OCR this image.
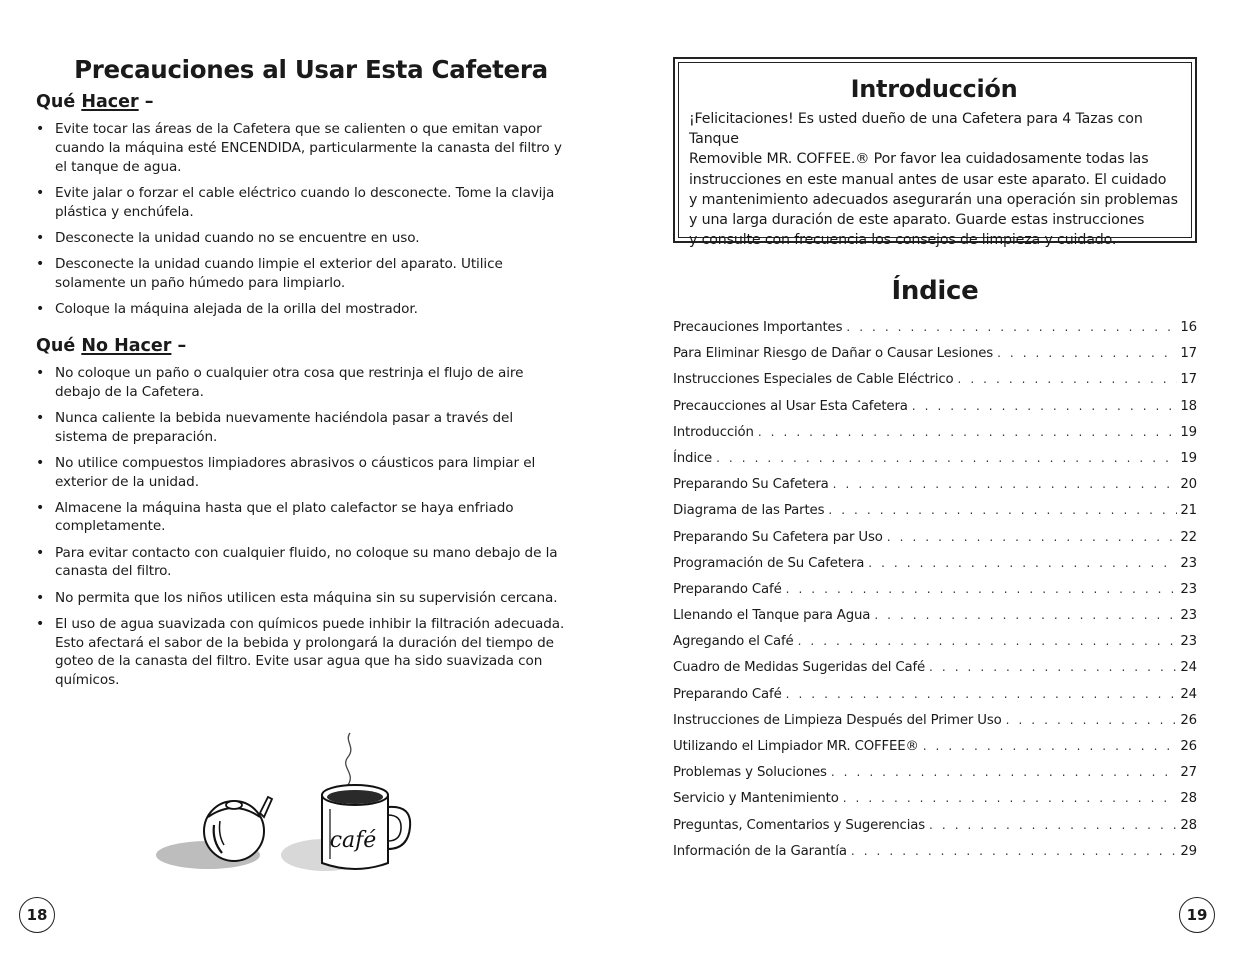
Precauciones al Usar Esta Cafetera
Qué Hacer –
• Evite tocar las áreas de la Cafetera que se calienten o que emitan vapor cuando la máquina esté ENCENDIDA, particularmente la canasta del filtro y el tanque de agua.
• Evite jalar o forzar el cable eléctrico cuando lo desconecte. Tome la clavija plástica y enchúfela.
• Desconecte la unidad cuando no se encuentre en uso.
• Desconecte la unidad cuando limpie el exterior del aparato. Utilice solamente un paño húmedo para limpiarlo.
• Coloque la máquina alejada de la orilla del mostrador.
Qué No Hacer –
• No coloque un paño o cualquier otra cosa que restrinja el flujo de aire debajo de la Cafetera.
• Nunca caliente la bebida nuevamente haciéndola pasar a través del sistema de preparación.
• No utilice compuestos limpiadores abrasivos o cáusticos para limpiar el exterior de la unidad.
• Almacene la máquina hasta que el plato calefactor se haya enfriado completamente.
• Para evitar contacto con cualquier fluido, no coloque su mano debajo de la canasta del filtro.
• No permita que los niños utilicen esta máquina sin su supervisión cercana.
• El uso de agua suavizada con químicos puede inhibir la filtración adecuada. Esto afectará el sabor de la bebida y prolongará la duración del tiempo de goteo de la canasta del filtro. Evite usar agua que ha sido suavizada con químicos.
café
18
Introducción
¡Felicitaciones! Es usted dueño de una Cafetera para 4 Tazas con Tanque
Removible MR. COFFEE.® Por favor lea cuidadosamente todas las
instrucciones en este manual antes de usar este aparato. El cuidado
y mantenimiento adecuados asegurarán una operación sin problemas
y una larga duración de este aparato. Guarde estas instrucciones
y consulte con frecuencia los consejos de limpieza y cuidado.
Índice
Precauciones Importantes . . .	16
Para Eliminar Riesgo de Dañar o Causar Lesiones . . .	17
Instrucciones Especiales de Cable Eléctrico . . .	17
Precaucciones al Usar Esta Cafetera . . .	18
Introducción . . .	19
Índice . . .	19
Preparando Su Cafetera . . .	20
Diagrama de las Partes . . .	21
Preparando Su Cafetera par Uso . . .	22
Programación de Su Cafetera . . .	23
Preparando Café . . .	23
Llenando el Tanque para Agua . . .	23
Agregando el Café . . .	23
Cuadro de Medidas Sugeridas del Café . . .	24
Preparando Café . . .	24
Instrucciones de Limpieza Después del Primer Uso . . .	26
Utilizando el Limpiador MR. COFFEE® . . .	26
Problemas y Soluciones . . .	27
Servicio y Mantenimiento . . .	28
Preguntas, Comentarios y Sugerencias . . .	28
Información de la Garantía . . .	29
19
